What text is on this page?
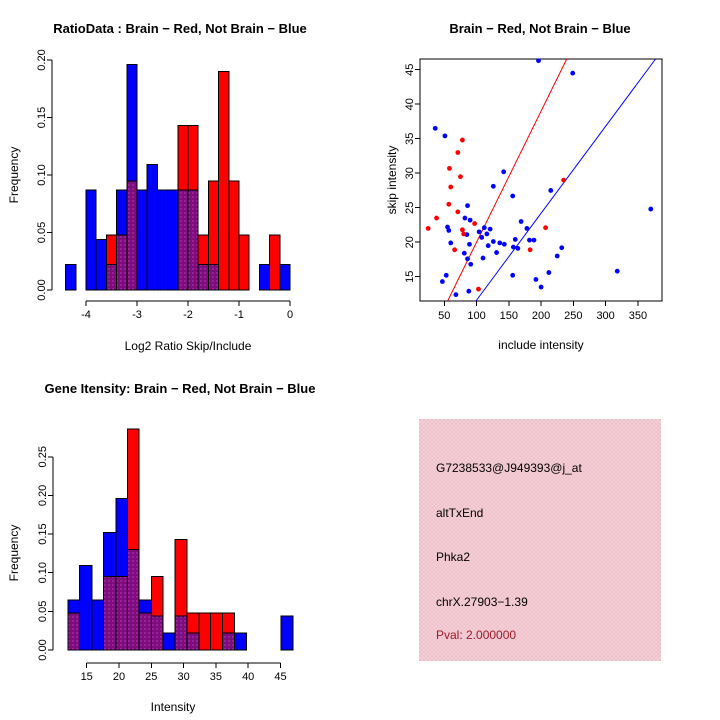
RatioData : Brain − Red, Not Brain − Blue
Frequency
Log2 Ratio Skip/Include
0.00
0.05
0.10
0.15
0.20
-4	-3	-2	-1	0
Brain − Red, Not Brain − Blue
skip intensity
include intensity
50 100 150 200 250 300 350
15
20
25
30
35
40
45
Gene Itensity: Brain − Red, Not Brain − Blue
Frequency
Intensity
0.00
0.05
0.10
0.15
0.20
0.25
15 20 25 30 35 40 45
G7238533@J949393@j_at
altTxEnd
Phka2
chrX.27903−1.39
Pval: 2.000000
